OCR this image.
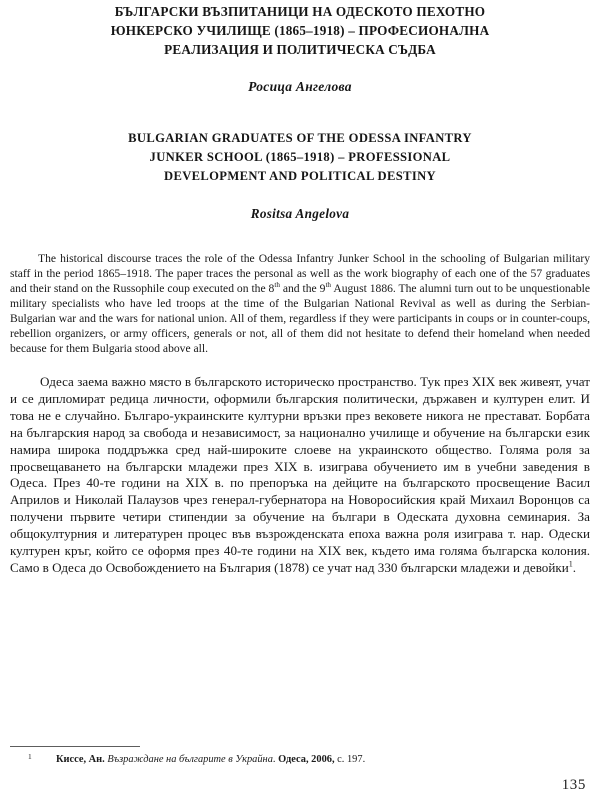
БЪЛГАРСКИ ВЪЗПИТАНИЦИ НА ОДЕСКОТО ПЕХОТНО
ЮНКЕРСКО УЧИЛИЩЕ (1865–1918) – ПРОФЕСИОНАЛНА
РЕАЛИЗАЦИЯ И ПОЛИТИЧЕСКА СЪДБА

Росица Ангелова

BULGARIAN GRADUATES OF THE ODESSA INFANTRY
JUNKER SCHOOL (1865–1918) – PROFESSIONAL
DEVELOPMENT AND POLITICAL DESTINY

Rositsa Angelova

The historical discourse traces the role of the Odessa Infantry Junker School in the schooling of Bulgarian military staff in the period 1865–1918. The paper traces the personal as well as the work biography of each one of the 57 graduates and their stand on the Russophile coup executed on the 8th and the 9th August 1886. The alumni turn out to be unquestionable military specialists who have led troops at the time of the Bulgarian National Revival as well as during the Serbian-Bulgarian war and the wars for national union. All of them, regardless if they were participants in coups or in counter-coups, rebellion organizers, or army officers, generals or not, all of them did not hesitate to defend their homeland when needed because for them Bulgaria stood above all.

Одеса заема важно място в българското историческо пространство. Тук през XIX век живеят, учат и се дипломират редица личности, оформили българския политически, държавен и културен елит. И това не е случайно. Българо-украинските културни връзки през вековете никога не престават. Борбата на българския народ за свобода и независимост, за национално училище и обучение на български език намира широка поддръжка сред най-широките слоеве на украинското общество. Голяма роля за просвещаването на български младежи през XIX в. изиграва обучението им в учебни заведения в Одеса. През 40-те години на XIX в. по препоръка на дейците на българското просвещение Васил Априлов и Николай Палаузов чрез генерал-губернатора на Новоросийския край Михаил Воронцов са получени първите четири стипендии за обучение на българи в Одеската духовна семинария. За общокултурния и литературен процес във възрожденската епоха важна роля изиграва т. нар. Одески културен кръг, който се оформя през 40-те години на XIX век, където има голяма българска колония. Само в Одеса до Освобождението на България (1878) се учат над 330 български младежи и девойки$^1$.

1	Киссе, Ан. Възраждане на българите в Украйна. Одеса, 2006, с. 197.
135
